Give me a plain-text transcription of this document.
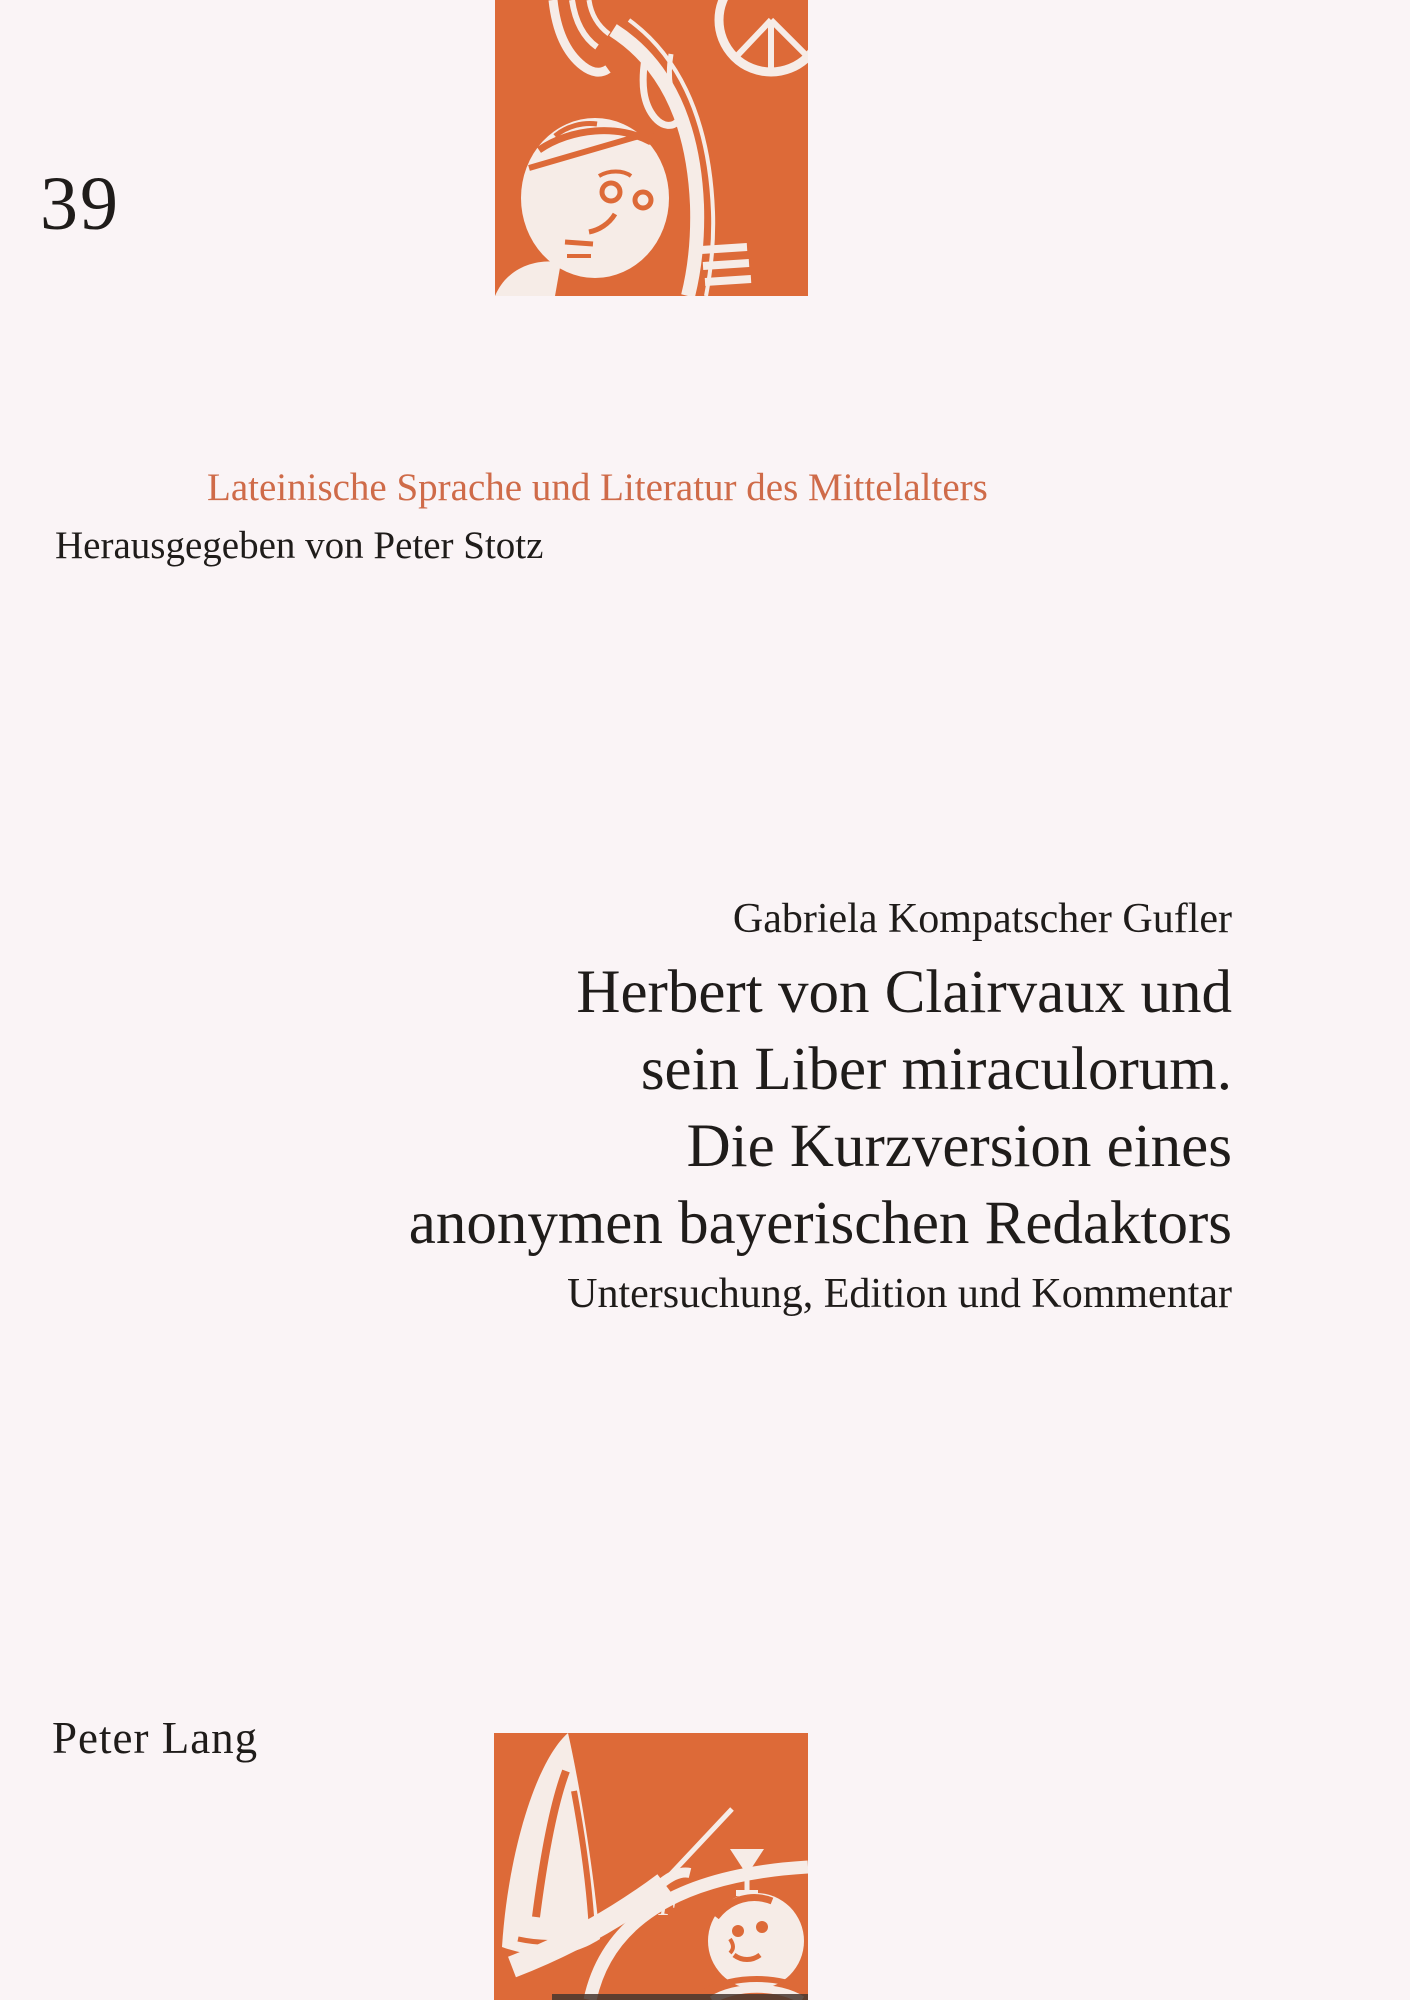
39
Lateinische Sprache und Literatur des Mittelalters
Herausgegeben von Peter Stotz
Gabriela Kompatscher Gufler
Herbert von Clairvaux und
sein Liber miraculorum.
Die Kurzversion eines
anonymen bayerischen Redaktors
Untersuchung, Edition und Kommentar
Peter Lang
WF
